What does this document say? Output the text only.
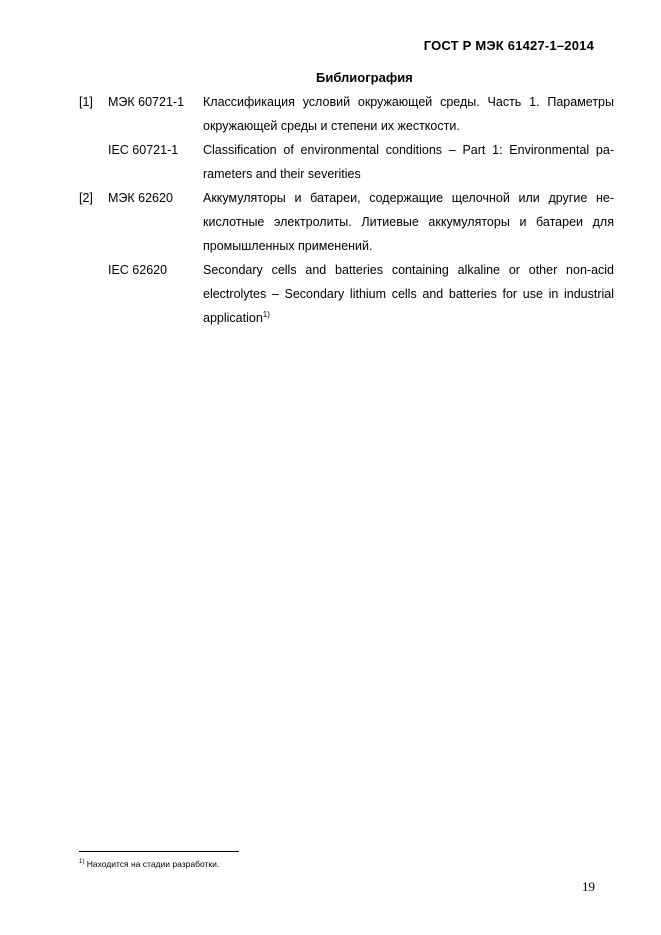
ГОСТ Р МЭК 61427-1–2014
Библиография
[1]	МЭК 60721-1	Классификация условий окружающей среды. Часть 1. Параметры окружающей среды и степени их жесткости.
IEC 60721-1	Classification of environmental conditions – Part 1: Environmental parameters and their severities
[2]	МЭК 62620	Аккумуляторы и батареи, содержащие щелочной или другие некислотные электролиты. Литиевые аккумуляторы и батареи для промышленных применений.
IEC 62620	Secondary cells and batteries containing alkaline or other non-acid electrolytes – Secondary lithium cells and batteries for use in industrial application$^{1)}$
$^{1)}$ Находится на стадии разработки.
19
